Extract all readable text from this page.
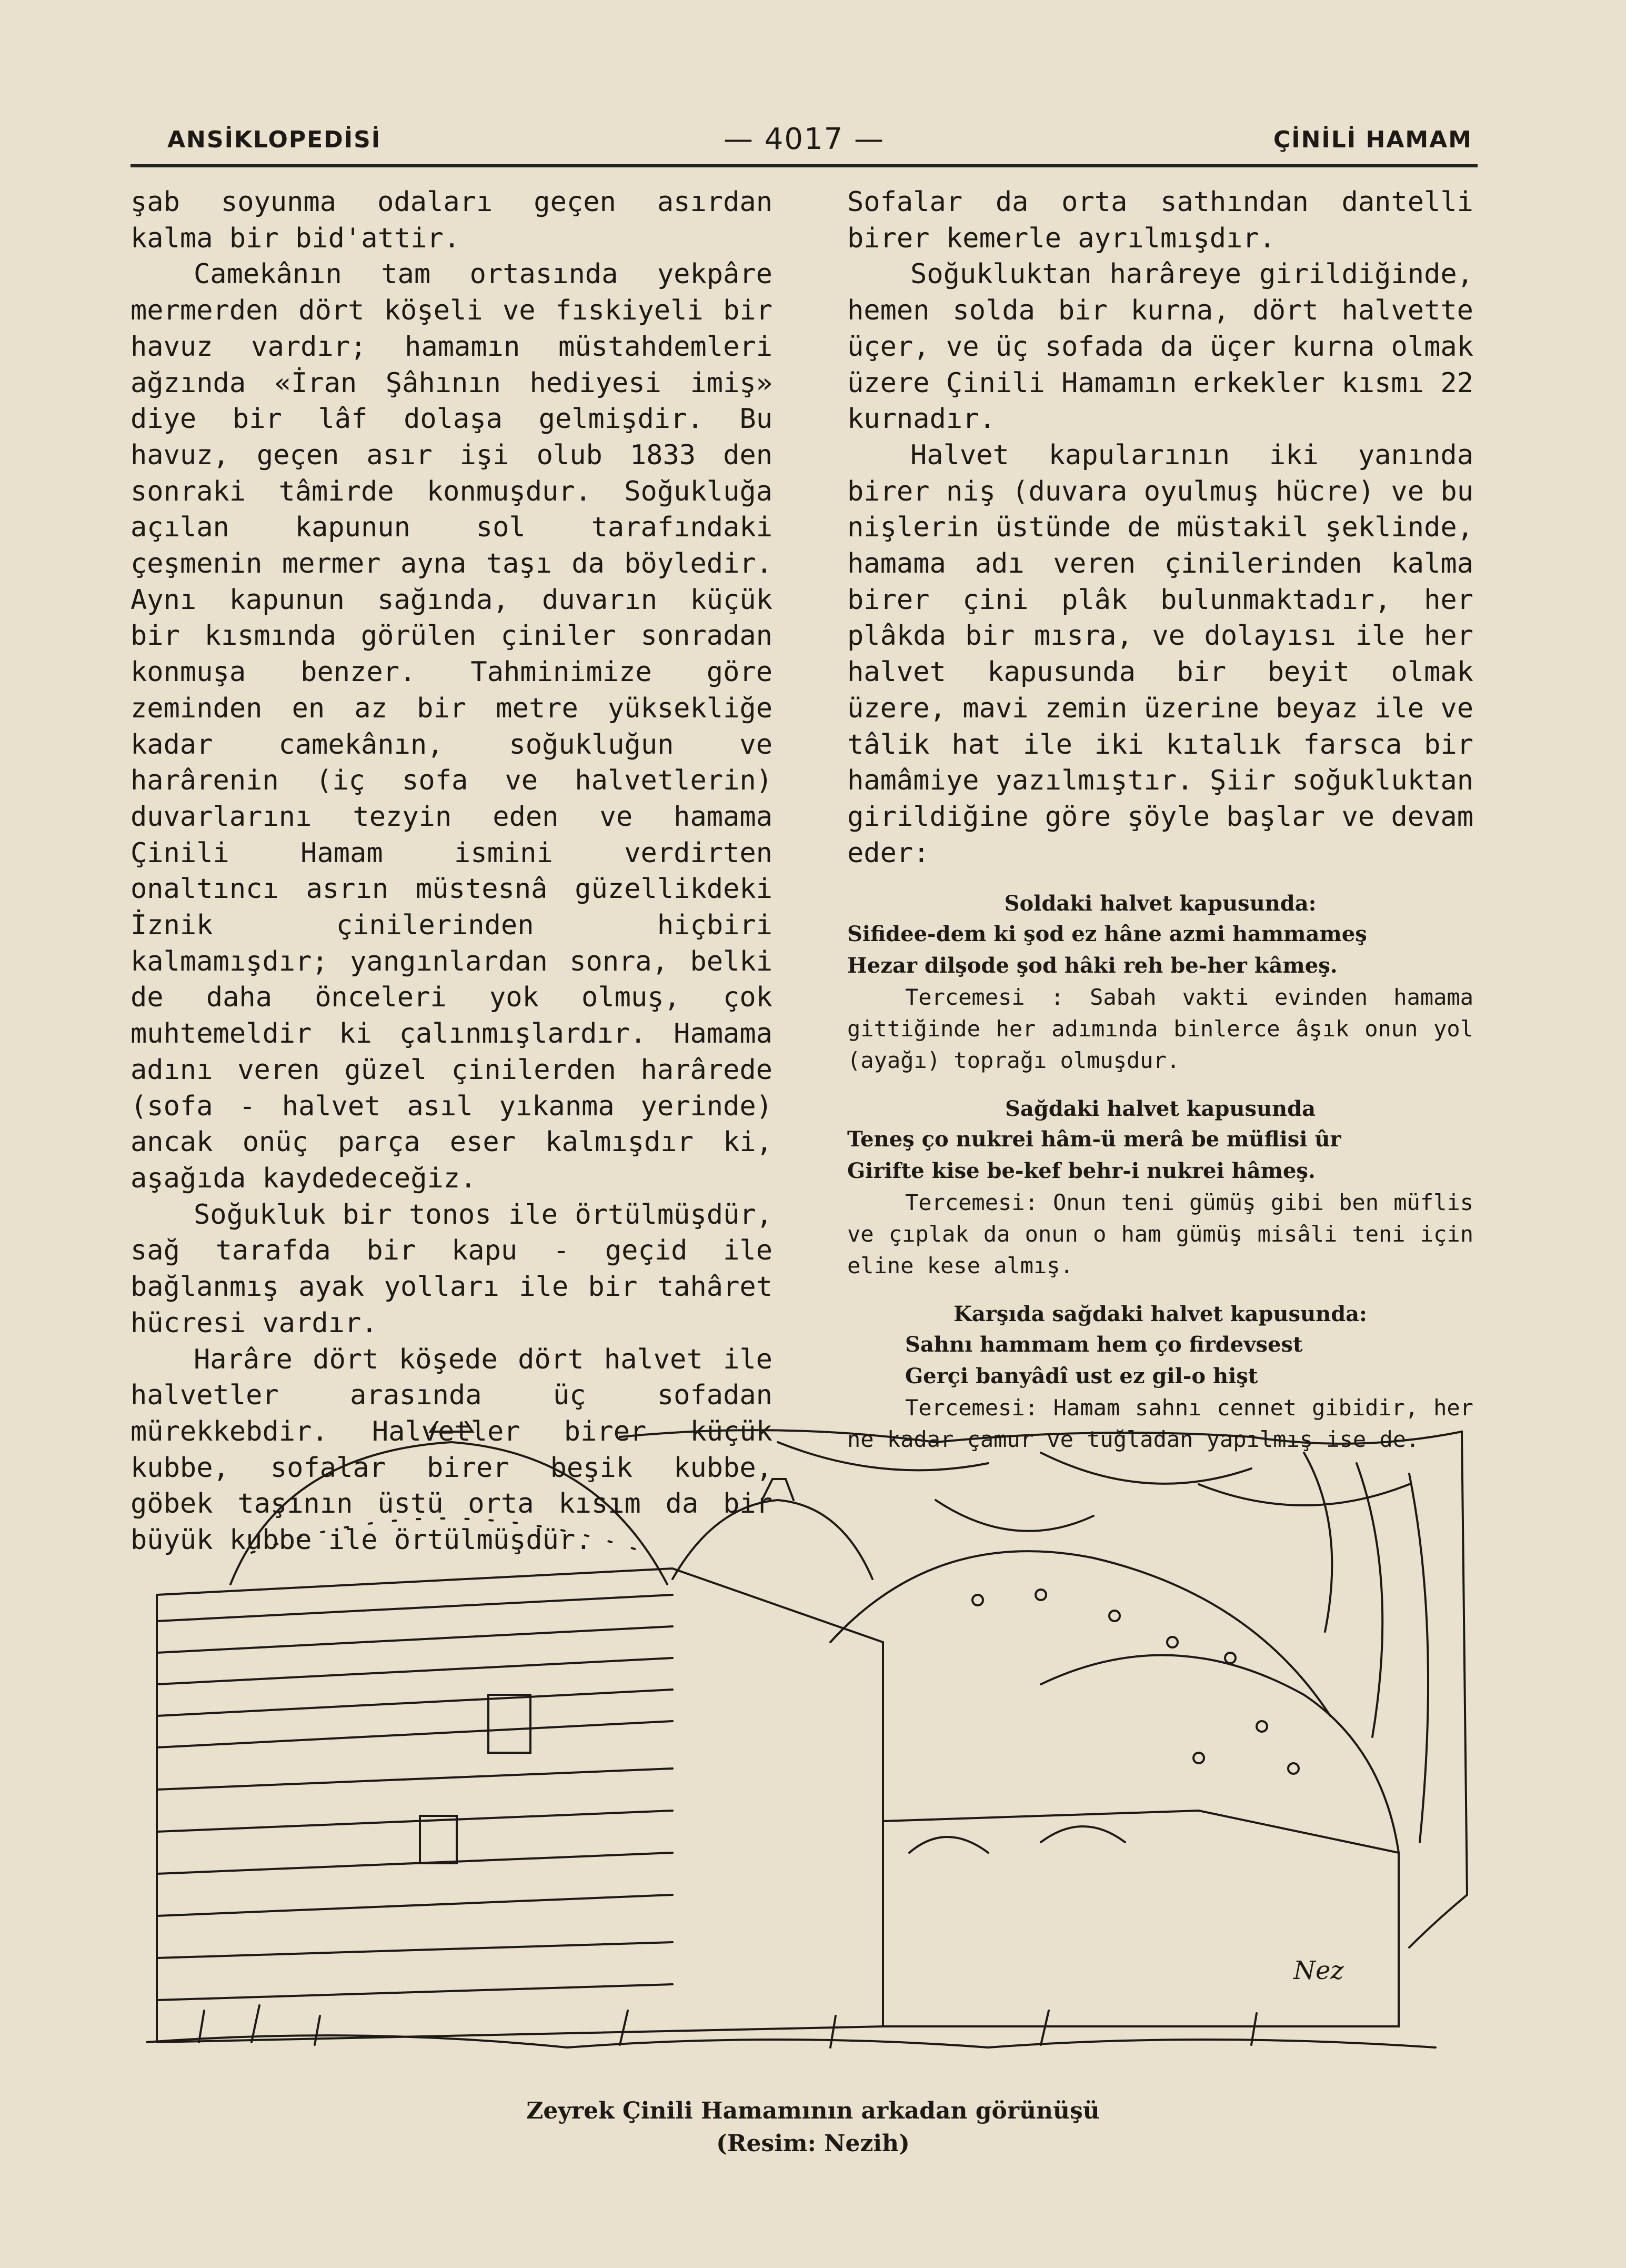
ANSİKLOPEDİSİ	— 4017 —	ÇİNİLİ HAMAM

şab soyunma odaları geçen asırdan kalma bir bid'attir.

Camekânın tam ortasında yekpâre mermerden dört köşeli ve fıskiyeli bir havuz vardır; hamamın müstahdemleri ağzında «İran Şâhının hediyesi imiş» diye bir lâf dolaşa gelmişdir. Bu havuz, geçen asır işi olub 1833 den sonraki tâmirde konmuşdur. Soğukluğa açılan kapunun sol tarafındaki çeşmenin mermer ayna taşı da böyledir. Aynı kapunun sağında, duvarın küçük bir kısmında görülen çiniler sonradan konmuşa benzer. Tahminimize göre zeminden en az bir metre yüksekliğe kadar camekânın, soğukluğun ve harârenin (iç sofa ve halvetlerin) duvarlarını tezyin eden ve hamama Çinili Hamam ismini verdirten onaltıncı asrın müstesnâ güzellikdeki İznik çinilerinden hiçbiri kalmamışdır; yangınlardan sonra, belki de daha önceleri yok olmuş, çok muhtemeldir ki çalınmışlardır. Hamama adını veren güzel çinilerden harârede (sofa - halvet asıl yıkanma yerinde) ancak onüç parça eser kalmışdır ki, aşağıda kaydedeceğiz.

Soğukluk bir tonos ile örtülmüşdür, sağ tarafda bir kapu - geçid ile bağlanmış ayak yolları ile bir tahâret hücresi vardır.

Harâre dört köşede dört halvet ile halvetler arasında üç sofadan mürekkebdir. Halvetler birer küçük kubbe, sofalar birer beşik kubbe, göbek taşının üstü orta kısım da bir büyük kubbe ile örtülmüşdür.

Sofalar da orta sathından dantelli birer kemerle ayrılmışdır.

Soğukluktan harâreye girildiğinde, hemen solda bir kurna, dört halvette üçer, ve üç sofada da üçer kurna olmak üzere Çinili Hamamın erkekler kısmı 22 kurnadır.

Halvet kapularının iki yanında birer niş (duvara oyulmuş hücre) ve bu nişlerin üstünde de müstakil şeklinde, hamama adı veren çinilerinden kalma birer çini plâk bulunmaktadır, her plâkda bir mısra, ve dolayısı ile her halvet kapusunda bir beyit olmak üzere, mavi zemin üzerine beyaz ile ve tâlik hat ile iki kıtalık farsca bir hamâmiye yazılmıştır. Şiir soğukluktan girildiğine göre şöyle başlar ve devam eder:

Soldaki halvet kapusunda:
Sifidee-dem ki şod ez hâne azmi hammameş
Hezar dilşode şod hâki reh be-her kâmeş.
Tercemesi : Sabah vakti evinden hamama gittiğinde her adımında binlerce âşık onun yol (ayağı) toprağı olmuşdur.
Sağdaki halvet kapusunda
Teneş ço nukrei hâm-ü merâ be müflisi ûr
Girifte kise be-kef behr-i nukrei hâmeş.
Tercemesi: Onun teni gümüş gibi ben müflis ve çıplak da onun o ham gümüş misâli teni için eline kese almış.
Karşıda sağdaki halvet kapusunda:
Sahnı hammam hem ço firdevsest
Gerçi banyâdî ust ez gil-o hişt
Tercemesi: Hamam sahnı cennet gibidir, her ne kadar çamur ve tuğladan yapılmış ise de.
Nez
Zeyrek Çinili Hamamının arkadan görünüşü
(Resim: Nezih)
